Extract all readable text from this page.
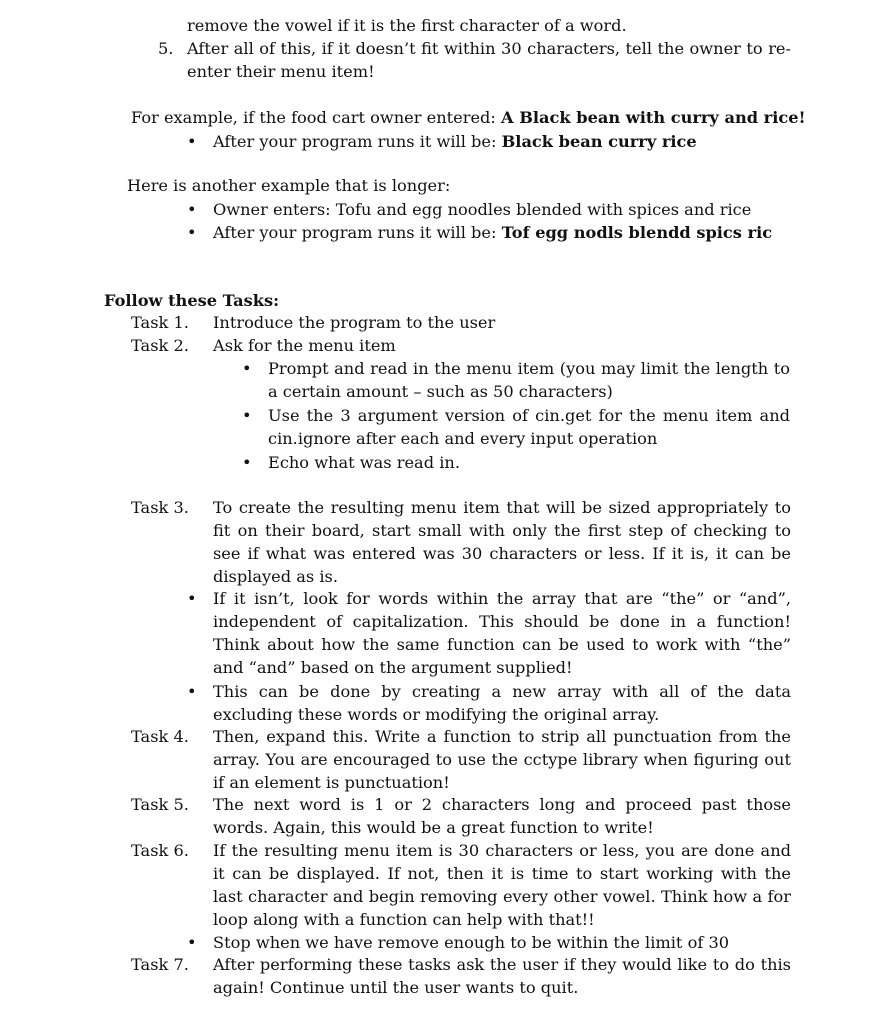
remove the vowel if it is the first character of a word.
5. After all of this, if it doesn’t fit within 30 characters, tell the owner to re-enter their menu item!
For example, if the food cart owner entered: A Black bean with curry and rice!
• After your program runs it will be: Black bean curry rice
Here is another example that is longer:
• Owner enters: Tofu and egg noodles blended with spices and rice
• After your program runs it will be: Tof egg nodls blendd spics ric
Follow these Tasks:
Task 1.	Introduce the program to the user
Task 2.	Ask for the menu item
• Prompt and read in the menu item (you may limit the length to a certain amount – such as 50 characters)
• Use the 3 argument version of cin.get for the menu item and cin.ignore after each and every input operation
• Echo what was read in.
Task 3.	To create the resulting menu item that will be sized appropriately to fit on their board, start small with only the first step of checking to see if what was entered was 30 characters or less. If it is, it can be displayed as is.
• If it isn’t, look for words within the array that are “the” or “and”, independent of capitalization. This should be done in a function! Think about how the same function can be used to work with “the” and “and” based on the argument supplied!
• This can be done by creating a new array with all of the data excluding these words or modifying the original array.
Task 4.	Then, expand this. Write a function to strip all punctuation from the array. You are encouraged to use the cctype library when figuring out if an element is punctuation!
Task 5.	The next word is 1 or 2 characters long and proceed past those words. Again, this would be a great function to write!
Task 6.	If the resulting menu item is 30 characters or less, you are done and it can be displayed. If not, then it is time to start working with the last character and begin removing every other vowel. Think how a for loop along with a function can help with that!!
• Stop when we have remove enough to be within the limit of 30
Task 7.	After performing these tasks ask the user if they would like to do this again! Continue until the user wants to quit.
